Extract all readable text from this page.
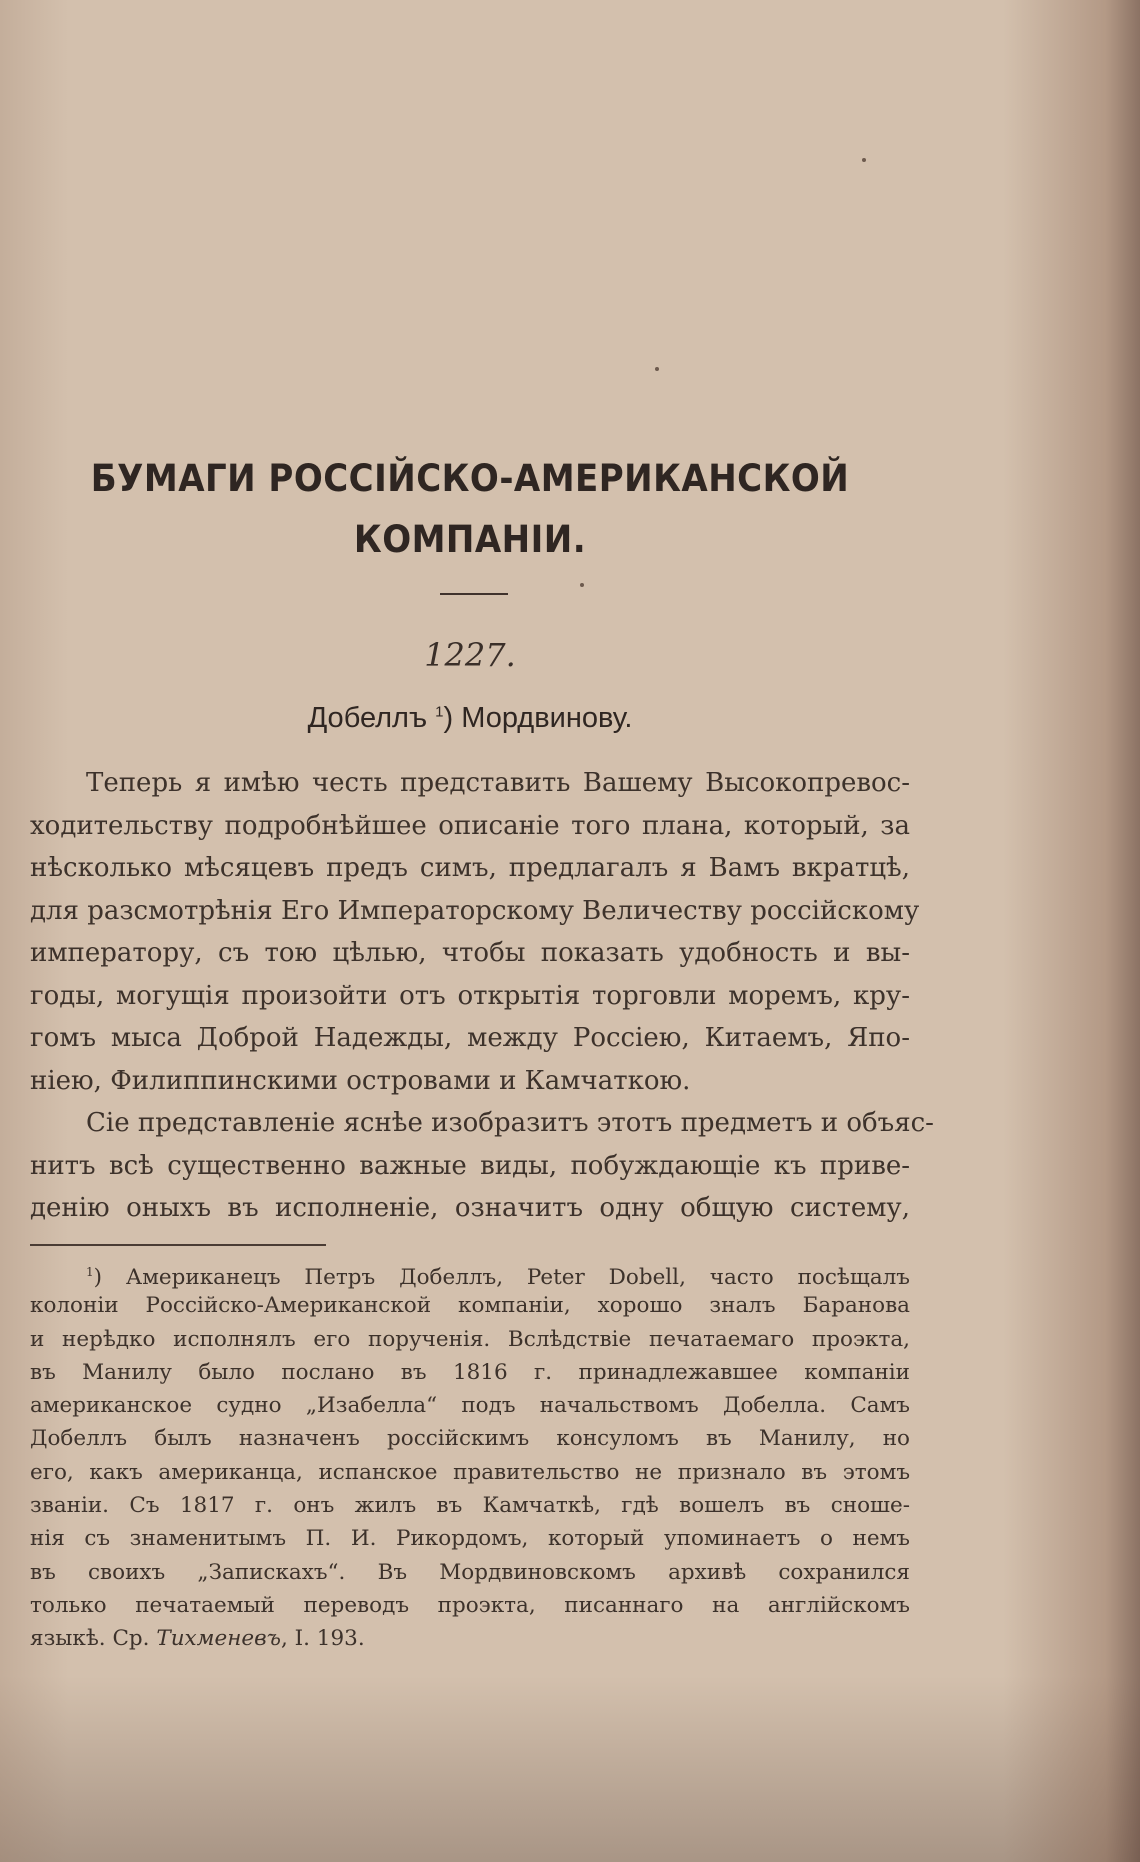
БУМАГИ РОССІЙСКО-АМЕРИКАНСКОЙ
КОМПАНІИ.
1227.
Добеллъ $^1$) Мордвинову.
Теперь я имѣю честь представить Вашему Высокопревос-
ходительству подробнѣйшее описаніе того плана, который, за
нѣсколько мѣсяцевъ предъ симъ, предлагалъ я Вамъ вкратцѣ,
для разсмотрѣнія Его Императорскому Величеству россійскому
императору, съ тою цѣлью, чтобы показать удобность и вы-
годы, могущія произойти отъ открытія торговли моремъ, кру-
гомъ мыса Доброй Надежды, между Россіею, Китаемъ, Япо-
ніею, Филиппинскими островами и Камчаткою.
Сіе представленіе яснѣе изобразитъ этотъ предметъ и объяс-
нитъ всѣ существенно важные виды, побуждающіе къ приве-
денію оныхъ въ исполненіе, означитъ одну общую систему,
$^1$) Американецъ Петръ Добеллъ, Peter Dobell, часто посѣщалъ
колоніи Россійско-Американской компаніи, хорошо зналъ Баранова
и нерѣдко исполнялъ его порученія. Вслѣдствіе печатаемаго проэкта,
въ Манилу было послано въ 1816 г. принадлежавшее компаніи
американское судно „Изабелла“ подъ начальствомъ Добелла. Самъ
Добеллъ былъ назначенъ россійскимъ консуломъ въ Манилу, но
его, какъ американца, испанское правительство не признало въ этомъ
званіи. Съ 1817 г. онъ жилъ въ Камчаткѣ, гдѣ вошелъ въ сноше-
нія съ знаменитымъ П. И. Рикордомъ, который упоминаетъ о немъ
въ своихъ „Запискахъ“. Въ Мордвиновскомъ архивѣ сохранился
только печатаемый переводъ проэкта, писаннаго на англійскомъ
языкѣ. Ср. Тихменевъ, I. 193.
